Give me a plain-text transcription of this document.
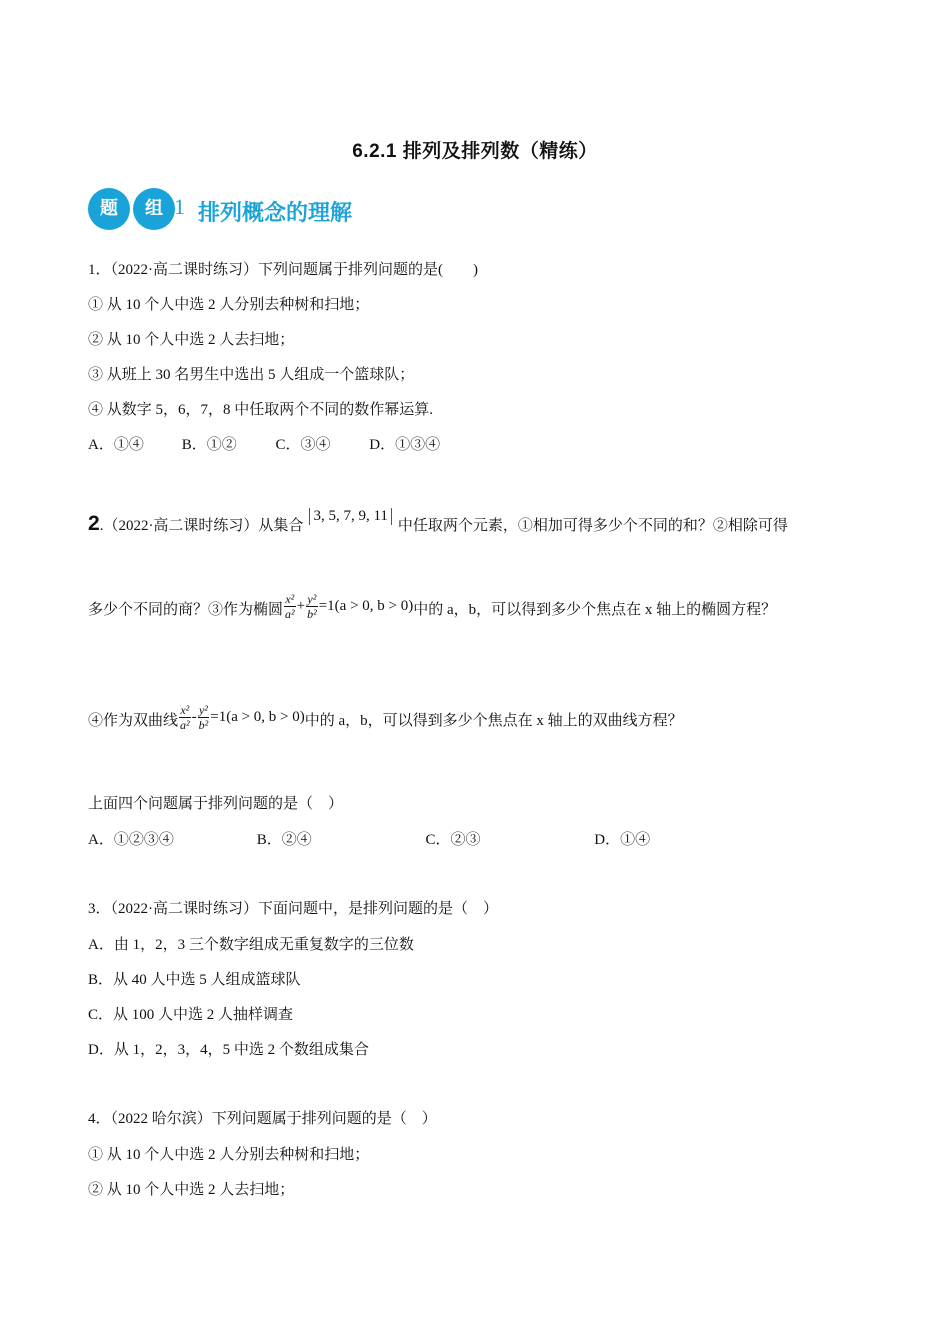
6.2.1 排列及排列数（精练）
题	组 1 排列概念的理解
1．（2022·高二课时练习）下列问题属于排列问题的是(　　)
① 从 10 个人中选 2 人分别去种树和扫地；
② 从 10 个人中选 2 人去扫地；
③ 从班上 30 名男生中选出 5 人组成一个篮球队；
④ 从数字 5，6，7，8 中任取两个不同的数作幂运算.
A．①④	B．①②	C．③④	D．①③④
2.（2022·高二课时练习）从集合3, 5, 7, 9, 11中任取两个元素，①相加可得多少个不同的和？②相除可得
多少个不同的商？③作为椭圆 $\frac{\text{x²}}{\text{a²}} + \frac{\text{y²}}{\text{b²}} =1(a > 0$, b > 0)中的 a，b，可以得到多少个焦点在 x 轴上的椭圆方程？
④作为双曲线 $\frac{\text{x²}}{\text{a²}} - \frac{\text{y²}}{\text{b²}} =1(a > 0$, b > 0)中的 a，b，可以得到多少个焦点在 x 轴上的双曲线方程？
上面四个问题属于排列问题的是（　）
A．①②③④	B．②④	C．②③	D．①④
3．（2022·高二课时练习）下面问题中，是排列问题的是（　）
A．由 1，2，3 三个数字组成无重复数字的三位数
B．从 40 人中选 5 人组成篮球队
C．从 100 人中选 2 人抽样调查
D．从 1，2，3，4，5 中选 2 个数组成集合
4．（2022 哈尔滨）下列问题属于排列问题的是（　）
① 从 10 个人中选 2 人分别去种树和扫地；
② 从 10 个人中选 2 人去扫地；
